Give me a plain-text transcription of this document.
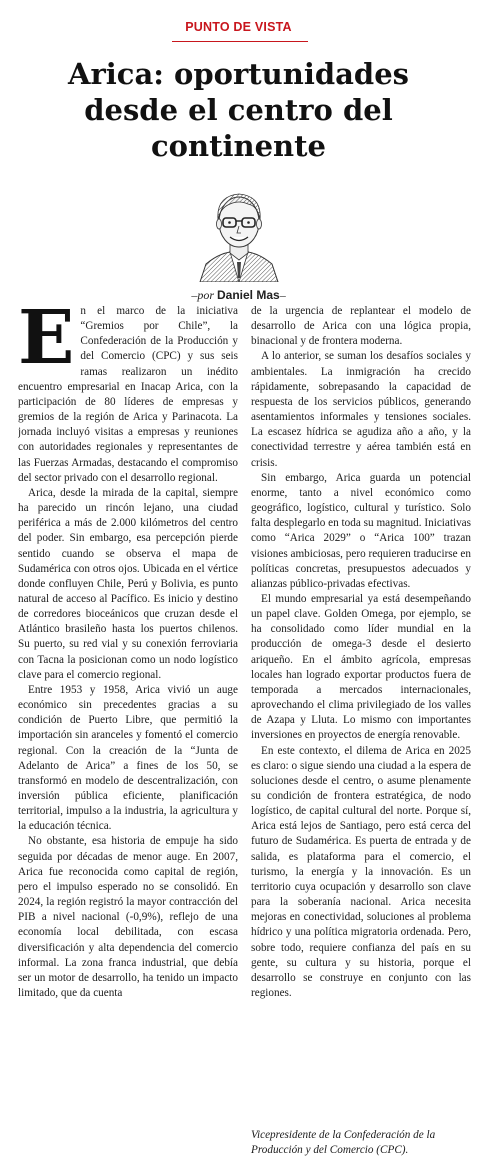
PUNTO DE VISTA
Arica: oportunidades desde el centro del continente
–por Daniel Mas–

En el marco de la iniciativa “Gremios por Chile”, la Confederación de la Producción y del Comercio (CPC) y sus seis ramas realizaron un inédito encuentro empresarial en Inacap Arica, con la participación de 80 líderes de empresas y gremios de la región de Arica y Parinacota. La jornada incluyó visitas a empresas y reuniones con autoridades regionales y representantes de las Fuerzas Armadas, destacando el compromiso del sector privado con el desarrollo regional.

Arica, desde la mirada de la capital, siempre ha parecido un rincón lejano, una ciudad periférica a más de 2.000 kilómetros del centro del poder. Sin embargo, esa percepción pierde sentido cuando se observa el mapa de Sudamérica con otros ojos. Ubicada en el vértice donde confluyen Chile, Perú y Bolivia, es punto natural de acceso al Pacífico. Es inicio y destino de corredores bioceánicos que cruzan desde el Atlántico brasileño hasta los puertos chilenos. Su puerto, su red vial y su conexión ferroviaria con Tacna la posicionan como un nodo logístico clave para el comercio regional.

Entre 1953 y 1958, Arica vivió un auge económico sin precedentes gracias a su condición de Puerto Libre, que permitió la importación sin aranceles y fomentó el comercio regional. Con la creación de la “Junta de Adelanto de Arica” a fines de los 50, se transformó en modelo de descentralización, con inversión pública eficiente, planificación territorial, impulso a la industria, la agricultura y la educación técnica.

No obstante, esa historia de empuje ha sido seguida por décadas de menor auge. En 2007, Arica fue reconocida como capital de región, pero el impulso esperado no se consolidó. En 2024, la región registró la mayor contracción del PIB a nivel nacional (-0,9%), reflejo de una economía local debilitada, con escasa diversificación y alta dependencia del comercio informal. La zona franca industrial, que debía ser un motor de desarrollo, ha tenido un impacto limitado, que da cuenta

de la urgencia de replantear el modelo de desarrollo de Arica con una lógica propia, binacional y de frontera moderna.

A lo anterior, se suman los desafíos sociales y ambientales. La inmigración ha crecido rápidamente, sobrepasando la capacidad de respuesta de los servicios públicos, generando asentamientos informales y tensiones sociales. La escasez hídrica se agudiza año a año, y la conectividad terrestre y aérea también está en crisis.

Sin embargo, Arica guarda un potencial enorme, tanto a nivel económico como geográfico, logístico, cultural y turístico. Solo falta desplegarlo en toda su magnitud. Iniciativas como “Arica 2029” o “Arica 100” trazan visiones ambiciosas, pero requieren traducirse en políticas concretas, presupuestos adecuados y alianzas público-privadas efectivas.

El mundo empresarial ya está desempeñando un papel clave. Golden Omega, por ejemplo, se ha consolidado como líder mundial en la producción de omega-3 desde el desierto ariqueño. En el ámbito agrícola, empresas locales han logrado exportar productos fuera de temporada a mercados internacionales, aprovechando el clima privilegiado de los valles de Azapa y Lluta. Lo mismo con importantes inversiones en proyectos de energía renovable.

En este contexto, el dilema de Arica en 2025 es claro: o sigue siendo una ciudad a la espera de soluciones desde el centro, o asume plenamente su condición de frontera estratégica, de nodo logístico, de capital cultural del norte. Porque sí, Arica está lejos de Santiago, pero está cerca del futuro de Sudamérica. Es puerta de entrada y de salida, es plataforma para el comercio, el turismo, la energía y la innovación. Es un territorio cuya ocupación y desarrollo son clave para la soberanía nacional. Arica necesita mejoras en conectividad, soluciones al problema hídrico y una política migratoria ordenada. Pero, sobre todo, requiere confianza del país en su gente, su cultura y su historia, porque el desarrollo se construye en conjunto con las regiones.

Vicepresidente de la Confederación de la Producción y del Comercio (CPC).
